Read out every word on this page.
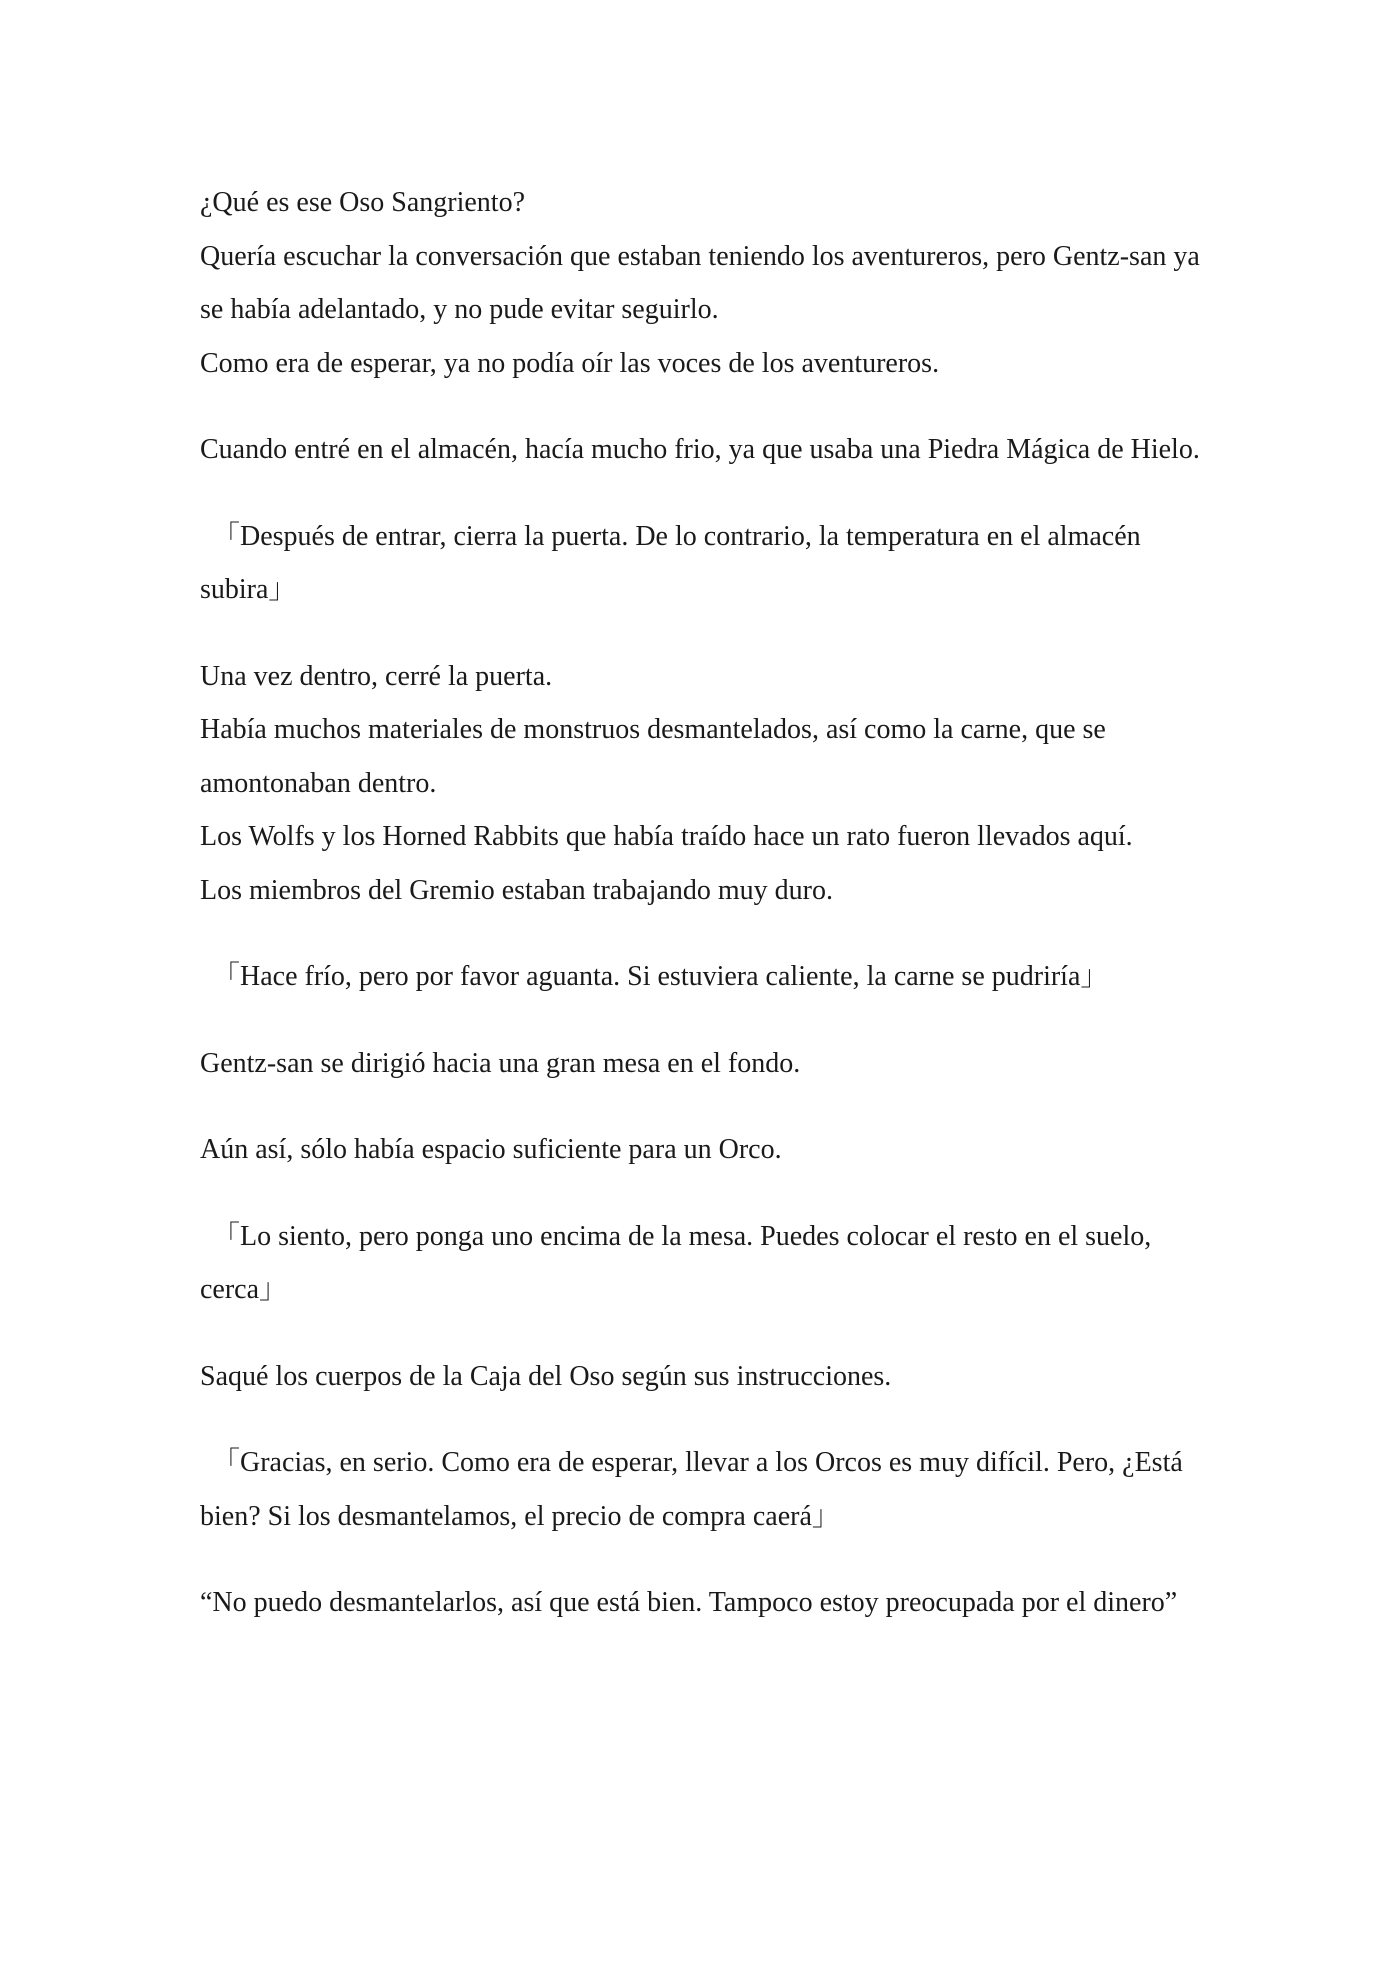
¿Qué es ese Oso Sangriento?

Quería escuchar la conversación que estaban teniendo los aventureros, pero Gentz-san ya se había adelantado, y no pude evitar seguirlo.

Como era de esperar, ya no podía oír las voces de los aventureros.

Cuando entré en el almacén, hacía mucho frio, ya que usaba una Piedra Mágica de Hielo.

「Después de entrar, cierra la puerta. De lo contrario, la temperatura en el almacén subira」

Una vez dentro, cerré la puerta.

Había muchos materiales de monstruos desmantelados, así como la carne, que se amontonaban dentro.

Los Wolfs y los Horned Rabbits que había traído hace un rato fueron llevados aquí.

Los miembros del Gremio estaban trabajando muy duro.

「Hace frío, pero por favor aguanta. Si estuviera caliente, la carne se pudriría」

Gentz-san se dirigió hacia una gran mesa en el fondo.

Aún así, sólo había espacio suficiente para un Orco.

「Lo siento, pero ponga uno encima de la mesa. Puedes colocar el resto en el suelo, cerca」

Saqué los cuerpos de la Caja del Oso según sus instrucciones.

「Gracias, en serio. Como era de esperar, llevar a los Orcos es muy difícil. Pero, ¿Está bien? Si los desmantelamos, el precio de compra caerá」

“No puedo desmantelarlos, así que está bien. Tampoco estoy preocupada por el dinero”
